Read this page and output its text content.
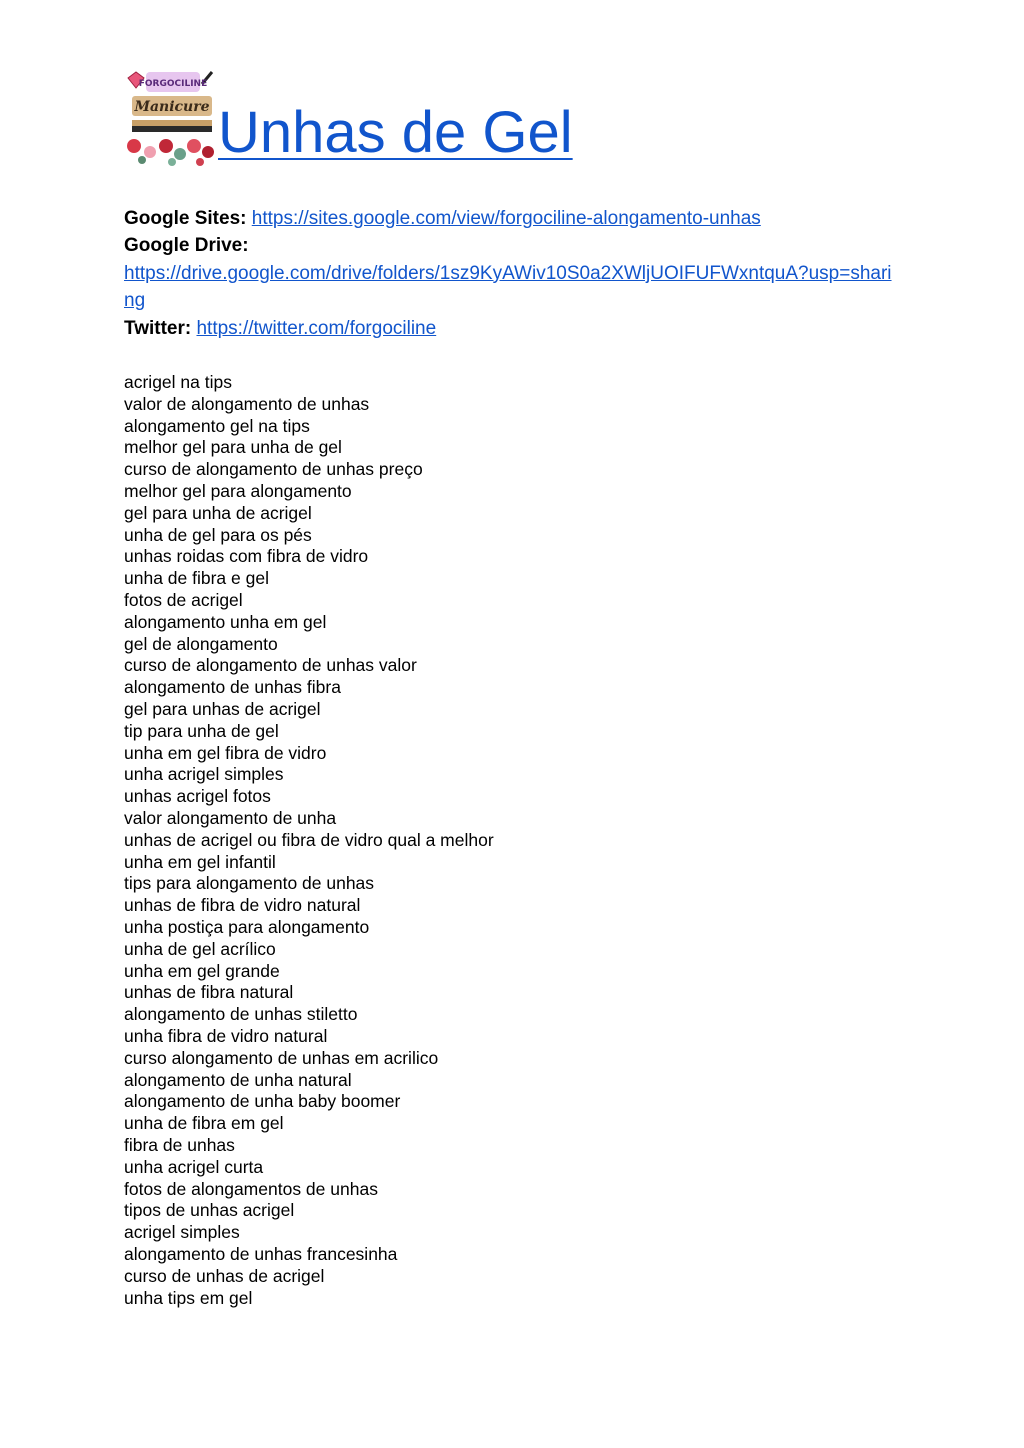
FORGOCILINE
Manicure Unhas de Gel
Google Sites: https://sites.google.com/view/forgociline-alongamento-unhas
Google Drive:
https://drive.google.com/drive/folders/1sz9KyAWiv10S0a2XWljUOIFUFWxntquA?usp=sharing
Twitter: https://twitter.com/forgociline
acrigel na tips
valor de alongamento de unhas
alongamento gel na tips
melhor gel para unha de gel
curso de alongamento de unhas preço
melhor gel para alongamento
gel para unha de acrigel
unha de gel para os pés
unhas roidas com fibra de vidro
unha de fibra e gel
fotos de acrigel
alongamento unha em gel
gel de alongamento
curso de alongamento de unhas valor
alongamento de unhas fibra
gel para unhas de acrigel
tip para unha de gel
unha em gel fibra de vidro
unha acrigel simples
unhas acrigel fotos
valor alongamento de unha
unhas de acrigel ou fibra de vidro qual a melhor
unha em gel infantil
tips para alongamento de unhas
unhas de fibra de vidro natural
unha postiça para alongamento
unha de gel acrílico
unha em gel grande
unhas de fibra natural
alongamento de unhas stiletto
unha fibra de vidro natural
curso alongamento de unhas em acrilico
alongamento de unha natural
alongamento de unha baby boomer
unha de fibra em gel
fibra de unhas
unha acrigel curta
fotos de alongamentos de unhas
tipos de unhas acrigel
acrigel simples
alongamento de unhas francesinha
curso de unhas de acrigel
unha tips em gel
